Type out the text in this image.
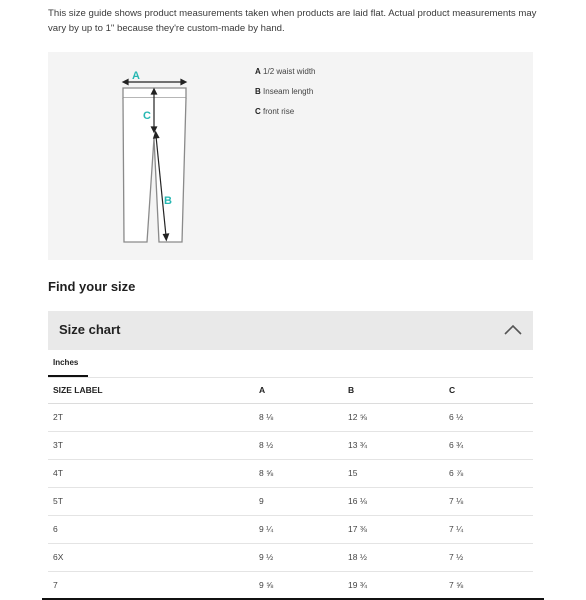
This size guide shows product measurements taken when products are laid flat. Actual product measurements may vary by up to 1" because they're custom-made by hand.
A
C
B
A 1/2 waist width
B Inseam length
C front rise
Find your size
Size chart
Inches
SIZE LABEL	A	B	C
2T	8 ⅛	12 ⅝	6 ½
3T	8 ½	13 ¾	6 ¾
4T	8 ⅝	15	6 ⅞
5T	9	16 ⅛	7 ⅛
6	9 ¼	17 ⅜	7 ¼
6X	9 ½	18 ½	7 ½
7	9 ⅝	19 ¾	7 ⅝
